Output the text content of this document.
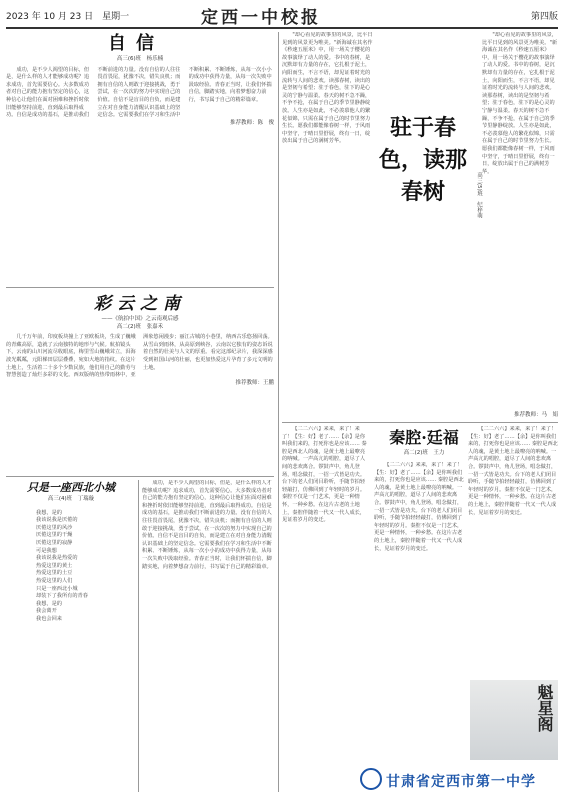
2023 年 10 月 23 日　星期一	定西一中校报	第四版
自信
高三(6)班　杨乐楠

成功，是不少人渴望的目标，但是，是什么样的人才能够成功呢？追求成功，首先需要信心。大多数成功者对自己的能力抱有坚定的信心，这种信心让他们在面对困难和挫折时依旧能够坚持前进，直到最后取得成功。自信是成功的基石，是推动我们不断前进的力量。没有自信的人往往畏首畏尾，犹豫不决，错失良机；而拥有自信的人则敢于迎接挑战，勇于尝试，在一次次的努力中实现自己的价值。自信不是盲目的自负，而是建立在对自身能力清醒认识基础上的坚定信念。它需要我们在学习和生活中不断积累、不断锤炼，从每一次小小的成功中获得力量，从每一次失败中汲取经验。青春正当时，让我们怀揣自信，脚踏实地，向着梦想奋力前行，书写属于自己的精彩篇章。

推荐教师：陈　俊
彩云之南
——《航拍中国》之云南观后感
高二(2)班　张嘉禾

几千万年前，印度板块撞上了亚欧板块，生成了巍峨的青藏高原，造就了云南独特的地形与气候。航拍镜头下，云南的山川河流尽收眼底，梅里雪山巍峨耸立，洱海波光粼粼，元阳梯田层层叠叠，宛如大地的指纹。在这片土地上，生活着二十多个少数民族，他们用自己的勤劳与智慧创造了灿烂多彩的文化。西双版纳的热带雨林中，亚洲象悠闲漫步；丽江古城的小巷里，纳西古乐悠扬回荡。从雪山到雨林，从高原到峡谷，云南以它独有的姿态诉说着自然的壮美与人文的厚重。看完这部纪录片，我深深感受到祖国山河的壮丽，也更加热爱这片孕育了多元文明的土地。

推荐教师：王鹏
只是一座西北小城
高三(4)班　丁瑞璇

我想，是的
我该说我是厌倦的
厌倦这里的风沙
厌倦这里的干燥
厌倦这里的寂静
可是我想
我该说我是热爱的
热爱这里的黄土
热爱这里的土豆
热爱这里的人们
只是一座西北小城
却装下了我所有的青春
我想，是的
我会离开
我也会回来

成功，是不少人渴望的目标，但是，是什么样的人才能够成功呢？追求成功，首先需要信心。大多数成功者对自己的能力抱有坚定的信心，这种信心让他们在面对困难和挫折时依旧能够坚持前进，直到最后取得成功。自信是成功的基石，是推动我们不断前进的力量。没有自信的人往往畏首畏尾，犹豫不决，错失良机；而拥有自信的人则敢于迎接挑战，勇于尝试，在一次次的努力中实现自己的价值。自信不是盲目的自负，而是建立在对自身能力清醒认识基础上的坚定信念。它需要我们在学习和生活中不断积累、不断锤炼，从每一次小小的成功中获得力量，从每一次失败中汲取经验。青春正当时，让我们怀揣自信，脚踏实地，向着梦想奋力前行，书写属于自己的精彩篇章。

"却心看见的故事里的风景，比平日见到的风景更为唯美。"新海诚在其名作《秒速五厘米》中，用一场关于樱花的故事演绎了动人的爱。书中的春树，是沉默却有力量的存在，它扎根于泥土，向阳而生，不言不语，却见证着时光的流转与人间的悲欢。读那春树，读出的是坚韧与希望；驻于春色，驻下的是心灵的宁静与温柔。春天的树不急不躁，不争不抢，在属于自己的季节里静静绽放。人生亦是如此，不必羡慕他人的繁花似锦，只需在属于自己的时节里努力生长。愿我们都能像春树一样，于风雨中坚守，于晴日里舒展，终有一日，绽放出属于自己的满树芳华。

驻于春色，读那春树	高三(5)班　纪梓萌

"却心看见的故事里的风景，比平日见到的风景更为唯美。"新海诚在其名作《秒速五厘米》中，用一场关于樱花的故事演绎了动人的爱。书中的春树，是沉默却有力量的存在，它扎根于泥土，向阳而生，不言不语，却见证着时光的流转与人间的悲欢。读那春树，读出的是坚韧与希望；驻于春色，驻下的是心灵的宁静与温柔。春天的树不急不躁，不争不抢，在属于自己的季节里静静绽放。人生亦是如此，不必羡慕他人的繁花似锦，只需在属于自己的时节里努力生长。愿我们都能像春树一样，于风雨中坚守，于晴日里舒展，终有一日，绽放出属于自己的满树芳华。

推荐教师：马　娟

【二二六六】来来，来了！来了！【生：好】老了……【余】是你叫我们来的，打死你也是应该…… 秦腔是西北人的魂，是黄土地上最嘹亮的呐喊。一声高亢的唱腔，道尽了人间的悲欢离合。锣鼓声中，角儿登场，唱念做打，一招一式皆是功夫。台下的老人们闭目聆听，手随节拍轻轻敲打，仿佛回到了年轻时的岁月。秦腔不仅是一门艺术，更是一种情怀，一种乡愁。在这片古老的土地上，秦腔伴随着一代又一代人成长，见证着岁月的变迁。

秦腔·廷福
高二(2)班　王力

【二二六六】来来，来了！来了！【生：好】老了……【余】是你叫我们来的，打死你也是应该…… 秦腔是西北人的魂，是黄土地上最嘹亮的呐喊。一声高亢的唱腔，道尽了人间的悲欢离合。锣鼓声中，角儿登场，唱念做打，一招一式皆是功夫。台下的老人们闭目聆听，手随节拍轻轻敲打，仿佛回到了年轻时的岁月。秦腔不仅是一门艺术，更是一种情怀，一种乡愁。在这片古老的土地上，秦腔伴随着一代又一代人成长，见证着岁月的变迁。

【二二六六】来来，来了！来了！【生：好】老了……【余】是你叫我们来的，打死你也是应该…… 秦腔是西北人的魂，是黄土地上最嘹亮的呐喊。一声高亢的唱腔，道尽了人间的悲欢离合。锣鼓声中，角儿登场，唱念做打，一招一式皆是功夫。台下的老人们闭目聆听，手随节拍轻轻敲打，仿佛回到了年轻时的岁月。秦腔不仅是一门艺术，更是一种情怀，一种乡愁。在这片古老的土地上，秦腔伴随着一代又一代人成长，见证着岁月的变迁。

魁星阁
甘肃省定西市第一中学
